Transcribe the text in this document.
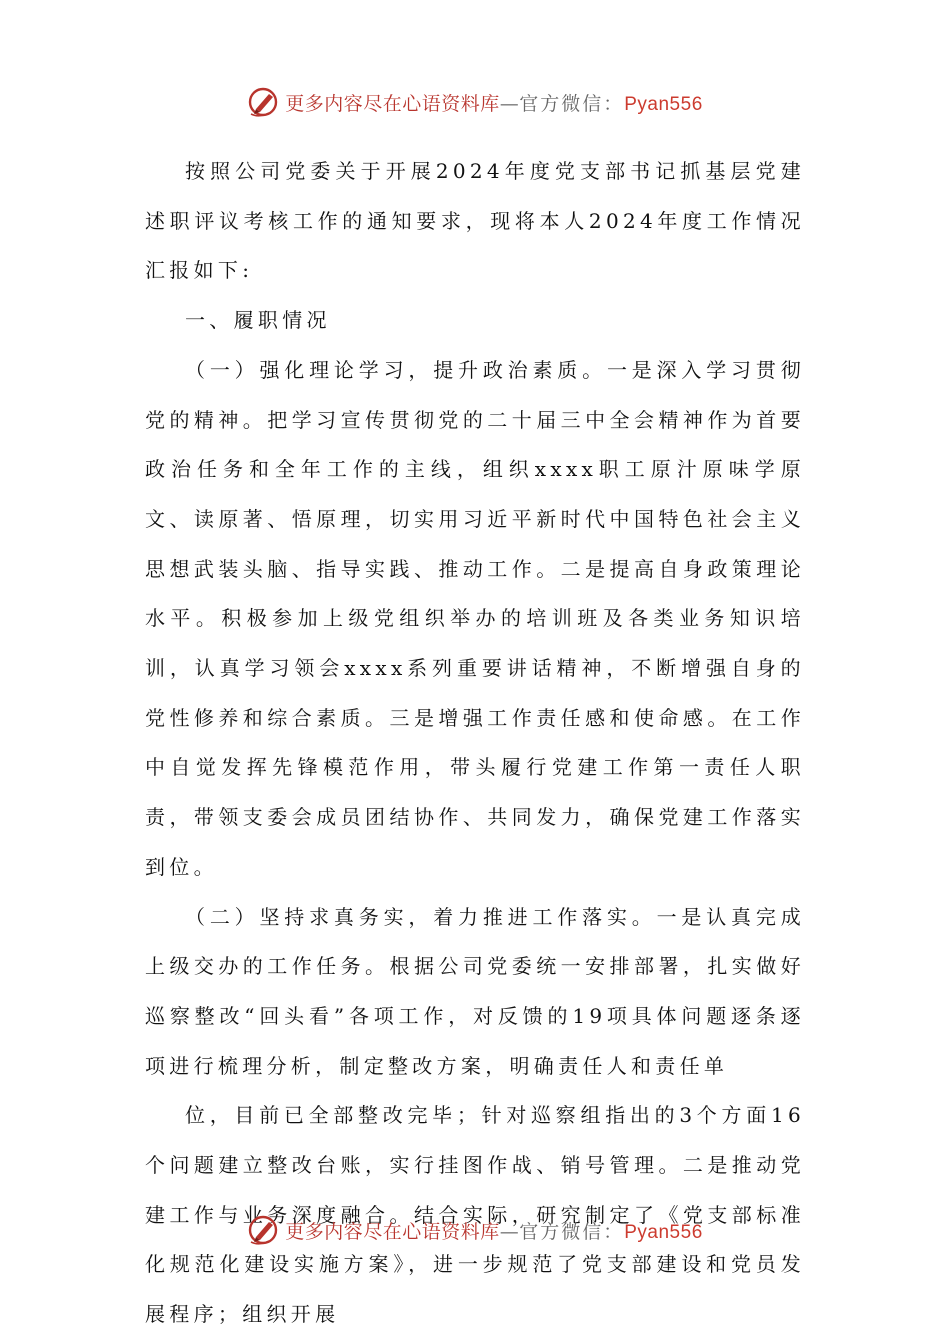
更多内容尽在心语资料库—官方微信：Pyan556

按照公司党委关于开展2024年度党支部书记抓基层党建述职评议考核工作的通知要求，现将本人2024年度工作情况汇报如下:

一、履职情况

（一）强化理论学习，提升政治素质。一是深入学习贯彻党的精神。把学习宣传贯彻党的二十届三中全会精神作为首要政治任务和全年工作的主线，组织xxxx职工原汁原味学原文、读原著、悟原理，切实用习近平新时代中国特色社会主义思想武装头脑、指导实践、推动工作。二是提高自身政策理论水平。积极参加上级党组织举办的培训班及各类业务知识培训，认真学习领会xxxx系列重要讲话精神，不断增强自身的党性修养和综合素质。三是增强工作责任感和使命感。在工作中自觉发挥先锋模范作用，带头履行党建工作第一责任人职责，带领支委会成员团结协作、共同发力，确保党建工作落实到位。

（二）坚持求真务实，着力推进工作落实。一是认真完成上级交办的工作任务。根据公司党委统一安排部署，扎实做好巡察整改“回头看”各项工作，对反馈的19项具体问题逐条逐项进行梳理分析，制定整改方案，明确责任人和责任单

位，目前已全部整改完毕；针对巡察组指出的3个方面16个问题建立整改台账，实行挂图作战、销号管理。二是推动党建工作与业务深度融合。结合实际，研究制定了《党支部标准化规范化建设实施方案》，进一步规范了党支部建设和党员发展程序；组织开展

更多内容尽在心语资料库—官方微信：Pyan556
